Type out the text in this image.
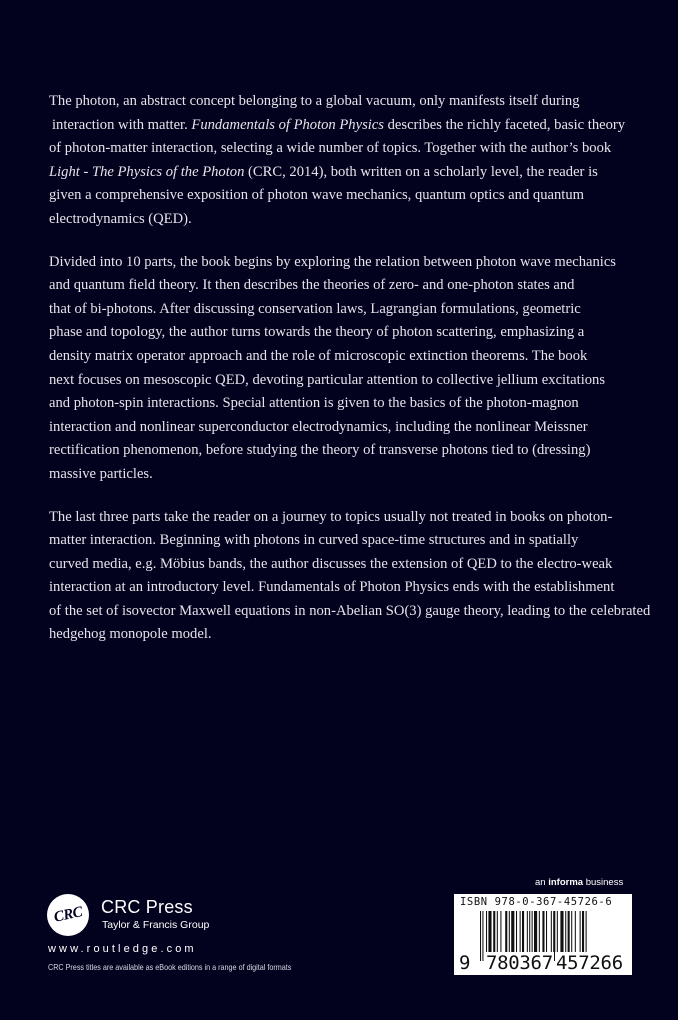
The photon, an abstract concept belonging to a global vacuum, only manifests itself during
interaction with matter. Fundamentals of Photon Physics describes the richly faceted, basic theory
of photon-matter interaction, selecting a wide number of topics. Together with the author’s book
Light - The Physics of the Photon (CRC, 2014), both written on a scholarly level, the reader is
given a comprehensive exposition of photon wave mechanics, quantum optics and quantum
electrodynamics (QED).
Divided into 10 parts, the book begins by exploring the relation between photon wave mechanics
and quantum field theory. It then describes the theories of zero- and one-photon states and
that of bi-photons. After discussing conservation laws, Lagrangian formulations, geometric
phase and topology, the author turns towards the theory of photon scattering, emphasizing a
density matrix operator approach and the role of microscopic extinction theorems. The book
next focuses on mesoscopic QED, devoting particular attention to collective jellium excitations
and photon-spin interactions. Special attention is given to the basics of the photon-magnon
interaction and nonlinear superconductor electrodynamics, including the nonlinear Meissner
rectification phenomenon, before studying the theory of transverse photons tied to (dressing)
massive particles.
The last three parts take the reader on a journey to topics usually not treated in books on photon-
matter interaction. Beginning with photons in curved space-time structures and in spatially
curved media, e.g. Möbius bands, the author discusses the extension of QED to the electro-weak
interaction at an introductory level. Fundamentals of Photon Physics ends with the establishment
of the set of isovector Maxwell equations in non-Abelian SO(3) gauge theory, leading to the celebrated
hedgehog monopole model.
CRC CRC Press
Taylor & Francis Group
www.routledge.com
CRC Press titles are available as eBook editions in a range of digital formats
an informa business
ISBN 978-0-367-45726-6
9 780367 457266
